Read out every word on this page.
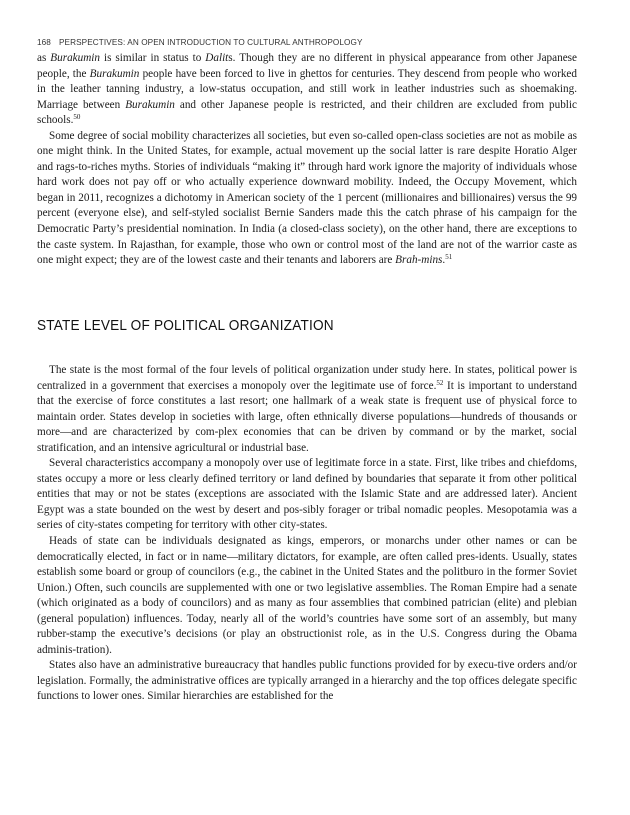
168 PERSPECTIVES: AN OPEN INTRODUCTION TO CULTURAL ANTHROPOLOGY

as Burakumin is similar in status to Dalits. Though they are no different in physical appearance from other Japanese people, the Burakumin people have been forced to live in ghettos for centuries. They descend from people who worked in the leather tanning industry, a low-status occupation, and still work in leather industries such as shoemaking. Marriage between Burakumin and other Japanese people is restricted, and their children are excluded from public schools.$^{50}$

Some degree of social mobility characterizes all societies, but even so-called open-class societies are not as mobile as one might think. In the United States, for example, actual movement up the social latter is rare despite Horatio Alger and rags-to-riches myths. Stories of individuals “making it” through hard work ignore the majority of individuals whose hard work does not pay off or who actually experience downward mobility. Indeed, the Occupy Movement, which began in 2011, recognizes a dichotomy in American society of the 1 percent (millionaires and billionaires) versus the 99 percent (everyone else), and self-styled socialist Bernie Sanders made this the catch phrase of his campaign for the Democratic Party’s presidential nomination. In India (a closed-class society), on the other hand, there are exceptions to the caste system. In Rajasthan, for example, those who own or control most of the land are not of the warrior caste as one might expect; they are of the lowest caste and their tenants and laborers are Brah-mins.$^{51}$

STATE LEVEL OF POLITICAL ORGANIZATION

The state is the most formal of the four levels of political organization under study here. In states, political power is centralized in a government that exercises a monopoly over the legitimate use of force.$^{52}$ It is important to understand that the exercise of force constitutes a last resort; one hallmark of a weak state is frequent use of physical force to maintain order. States develop in societies with large, often ethnically diverse populations—hundreds of thousands or more—and are characterized by com-plex economies that can be driven by command or by the market, social stratification, and an intensive agricultural or industrial base.

Several characteristics accompany a monopoly over use of legitimate force in a state. First, like tribes and chiefdoms, states occupy a more or less clearly defined territory or land defined by boundaries that separate it from other political entities that may or not be states (exceptions are associated with the Islamic State and are addressed later). Ancient Egypt was a state bounded on the west by desert and pos-sibly forager or tribal nomadic peoples. Mesopotamia was a series of city-states competing for territory with other city-states.

Heads of state can be individuals designated as kings, emperors, or monarchs under other names or can be democratically elected, in fact or in name—military dictators, for example, are often called pres-idents. Usually, states establish some board or group of councilors (e.g., the cabinet in the United States and the politburo in the former Soviet Union.) Often, such councils are supplemented with one or two legislative assemblies. The Roman Empire had a senate (which originated as a body of councilors) and as many as four assemblies that combined patrician (elite) and plebian (general population) influences. Today, nearly all of the world’s countries have some sort of an assembly, but many rubber-stamp the executive’s decisions (or play an obstructionist role, as in the U.S. Congress during the Obama adminis-tration).

States also have an administrative bureaucracy that handles public functions provided for by execu-tive orders and/or legislation. Formally, the administrative offices are typically arranged in a hierarchy and the top offices delegate specific functions to lower ones. Similar hierarchies are established for the
